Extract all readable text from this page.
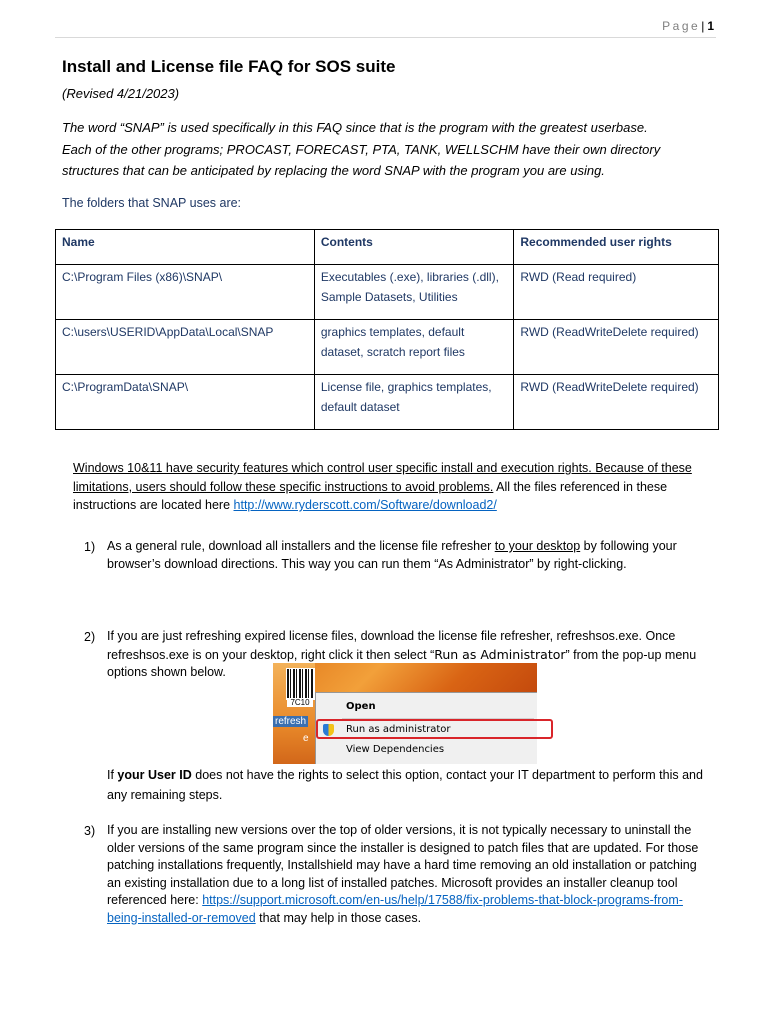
Page| 1
Install and License file FAQ for SOS suite

(Revised 4/21/2023)

The word “SNAP” is used specifically in this FAQ since that is the program with the greatest userbase.
Each of the other programs; PROCAST, FORECAST, PTA, TANK, WELLSCHM have their own directory
structures that can be anticipated by replacing the word SNAP with the program you are using.

The folders that SNAP uses are:

Name	Contents	Recommended user rights
C:\Program Files (x86)\SNAP\	Executables (.exe), libraries (.dll), Sample Datasets, Utilities	RWD (Read required)
C:\users\USERID\AppData\Local\SNAP	graphics templates, default dataset, scratch report files	RWD (ReadWriteDelete required)
C:\ProgramData\SNAP\	License file, graphics templates, default dataset	RWD (ReadWriteDelete required)

Windows 10&11 have security features which control user specific install and execution rights. Because of these limitations, users should follow these specific instructions to avoid problems. All the files referenced in these instructions are located here http://www.ryderscott.com/Software/download2/

1) As a general rule, download all installers and the license file refresher to your desktop by following your browser’s download directions. This way you can run them “As Administrator” by right-clicking.
2) If you are just refreshing expired license files, download the license file refresher, refreshsos.exe. Once refreshsos.exe is on your desktop, right click it then select “Run as Administrator” from the pop-up menu options shown below.
7C10
refresh
e
Open
Run as administrator
View Dependencies

If your User ID does not have the rights to select this option, contact your IT department to perform this and any remaining steps.

3) If you are installing new versions over the top of older versions, it is not typically necessary to uninstall the older versions of the same program since the installer is designed to patch files that are updated. For those patching installations frequently, Installshield may have a hard time removing an old installation or patching an existing installation due to a long list of installed patches. Microsoft provides an installer cleanup tool referenced here: https://support.microsoft.com/en-us/help/17588/fix-problems-that-block-programs-from-being-installed-or-removed that may help in those cases.
